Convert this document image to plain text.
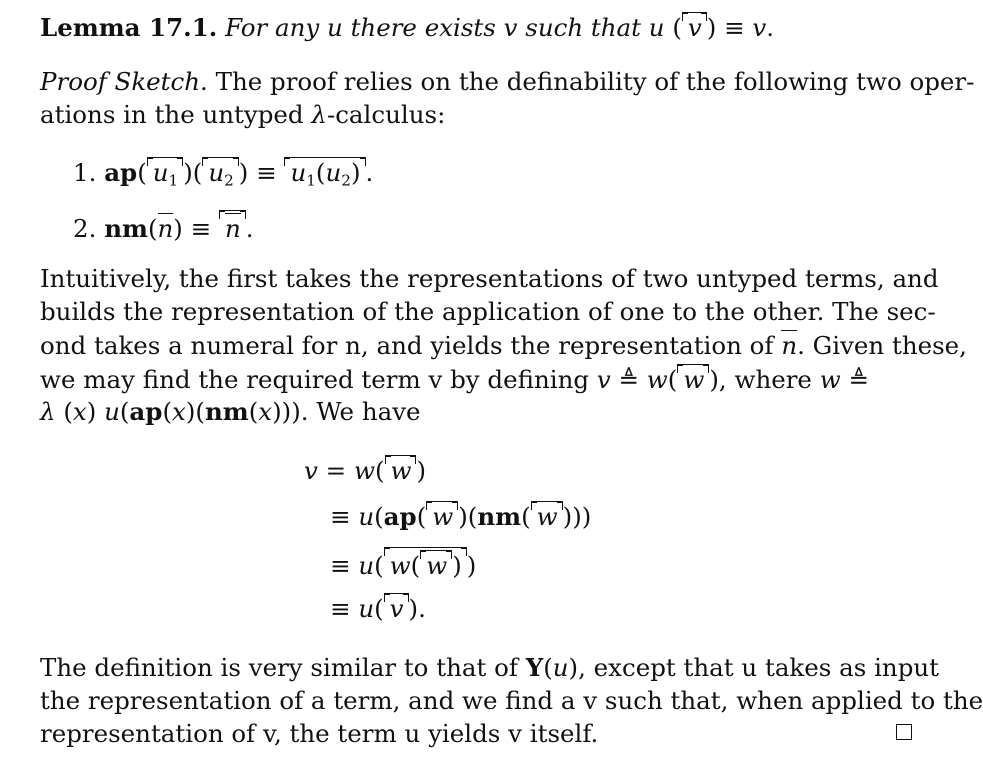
Lemma 17.1. For any u there exists v such that u ( v ) ≡ v.
Proof Sketch. The proof relies on the definability of the following two oper-
ations in the untyped λ-calculus:
1. ap( $u_1$ )( $u_2$ ) ≡ $u_1(u_2)$ .
2. nm(n) ≡ n .
Intuitively, the first takes the representations of two untyped terms, and
builds the representation of the application of one to the other. The sec-
ond takes a numeral for n, and yields the representation of n. Given these,
we may find the required term v by defining v ≜ w( w ), where w ≜
λ (x) u(ap(x)(nm(x))). We have
v = w( w )
≡ u(ap( w )(nm( w )))
≡ u( w( w ) )
≡ u( v ).
The definition is very similar to that of Y(u), except that u takes as input
the representation of a term, and we find a v such that, when applied to the
representation of v, the term u yields v itself.
